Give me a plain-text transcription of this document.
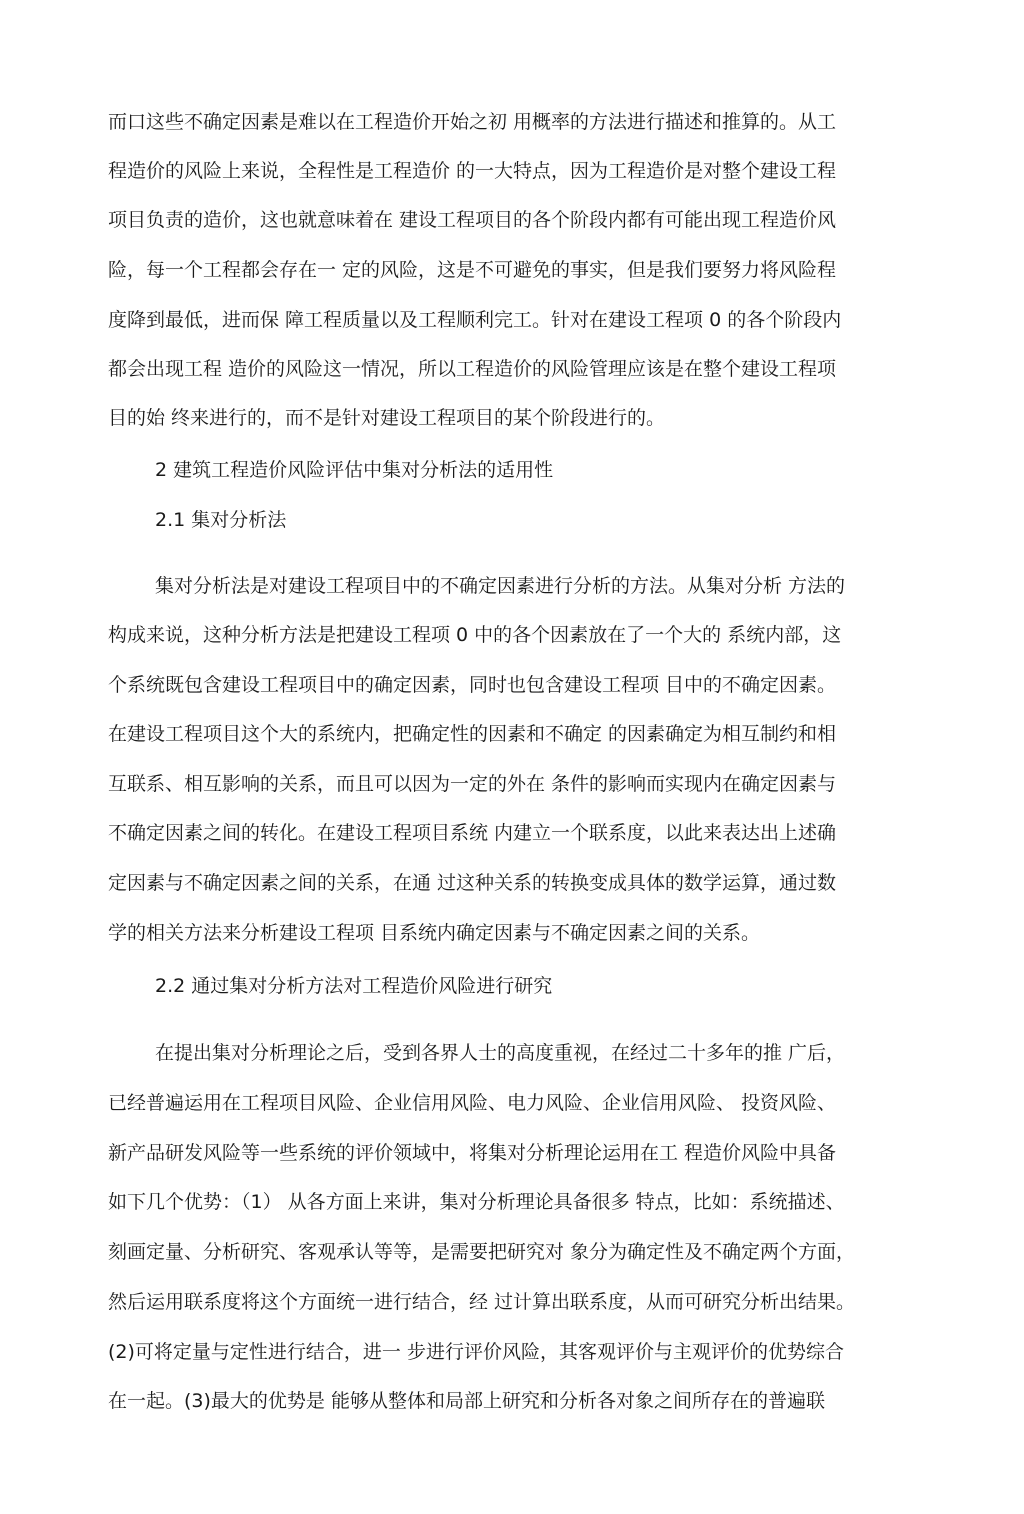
而口这些不确定因素是难以在工程造价开始之初 用概率的方法进行描述和推算的。从工
程造价的风险上来说，全程性是工程造价 的一大特点，因为工程造价是对整个建设工程
项目负责的造价，这也就意味着在 建设工程项目的各个阶段内都有可能出现工程造价风
险，每一个工程都会存在一 定的风险，这是不可避免的事实，但是我们要努力将风险程
度降到最低，进而保 障工程质量以及工程顺利完工。针对在建设工程项 0 的各个阶段内
都会出现工程 造价的风险这一情况，所以工程造价的风险管理应该是在整个建设工程项
目的始 终来进行的，而不是针对建设工程项目的某个阶段进行的。
2 建筑工程造价风险评估中集对分析法的适用性
2.1 集对分析法
集对分析法是对建设工程项目中的不确定因素进行分析的方法。从集对分析 方法的
构成来说，这种分析方法是把建设工程项 0 中的各个因素放在了一个大的 系统内部，这
个系统既包含建设工程项目中的确定因素，同时也包含建设工程项 目中的不确定因素。
在建设工程项目这个大的系统内，把确定性的因素和不确定 的因素确定为相互制约和相
互联系、相互影响的关系，而且可以因为一定的外在 条件的影响而实现内在确定因素与
不确定因素之间的转化。在建设工程项目系统 内建立一个联系度，以此来表达出上述确
定因素与不确定因素之间的关系，在通 过这种关系的转换变成具体的数学运算，通过数
学的相关方法来分析建设工程项 目系统内确定因素与不确定因素之间的关系。
2.2 通过集对分析方法对工程造价风险进行研究
在提出集对分析理论之后，受到各界人士的高度重视，在经过二十多年的推 广后，
已经普遍运用在工程项目风险、企业信用风险、电力风险、企业信用风险、 投资风险、
新产品研发风险等一些系统的评价领域中，将集对分析理论运用在工 程造价风险中具备
如下几个优势：（1） 从各方面上来讲，集对分析理论具备很多 特点，比如：系统描述、
刻画定量、分析研究、客观承认等等，是需要把研究对 象分为确定性及不确定两个方面，
然后运用联系度将这个方面统一进行结合，经 过计算出联系度，从而可研究分析出结果。
(2)可将定量与定性进行结合，进一 步进行评价风险，其客观评价与主观评价的优势综合
在一起。(3)最大的优势是 能够从整体和局部上研究和分析各对象之间所存在的普遍联
